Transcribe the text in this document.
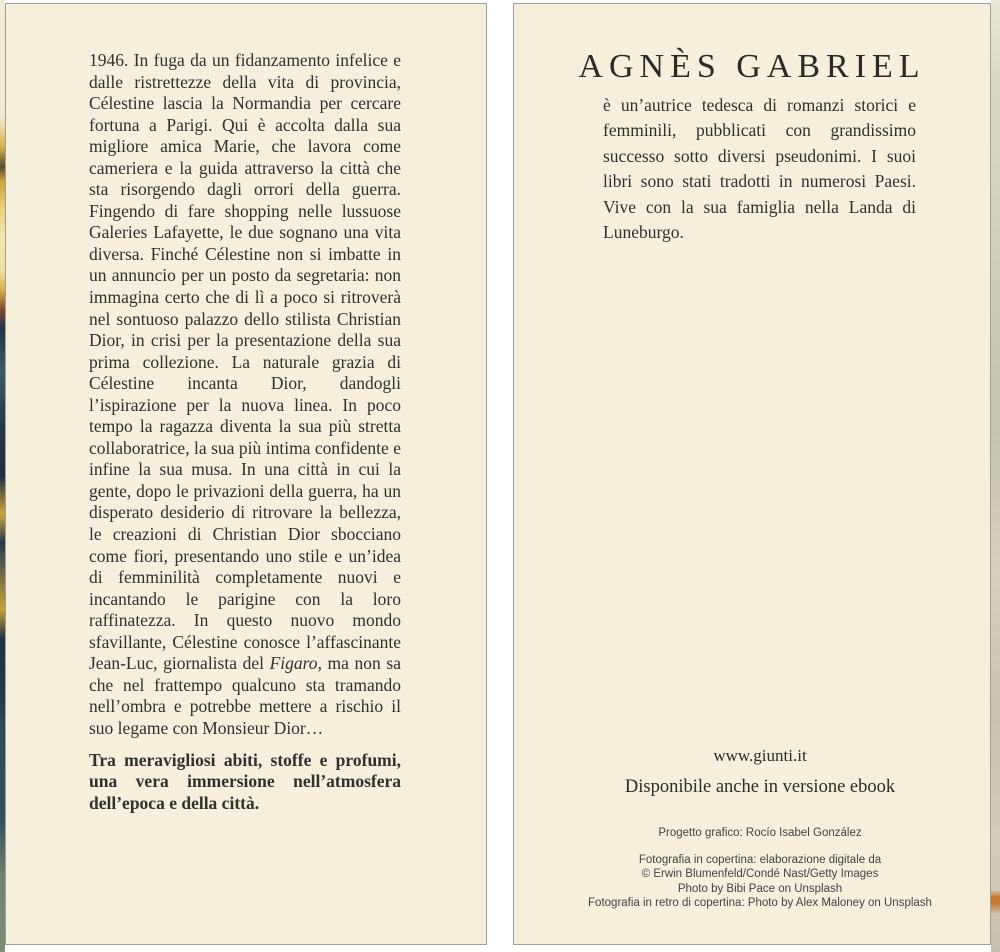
1946. In fuga da un fidanzamento infelice e dalle ristrettezze della vita di provincia, Célestine lascia la Normandia per cercare fortuna a Parigi. Qui è accolta dalla sua migliore amica Marie, che lavora come cameriera e la guida attraverso la città che sta risorgendo dagli orrori della guerra. Fingendo di fare shopping nelle lussuose Galeries Lafayette, le due sognano una vita diversa. Finché Célestine non si imbatte in un annuncio per un posto da segretaria: non immagina certo che di lì a poco si ritroverà nel sontuoso palazzo dello stilista Christian Dior, in crisi per la presentazione della sua prima collezione. La naturale grazia di Célestine incanta Dior, dandogli l’ispirazione per la nuova linea. In poco tempo la ragazza diventa la sua più stretta collaboratrice, la sua più intima confidente e infine la sua musa. In una città in cui la gente, dopo le privazioni della guerra, ha un disperato desiderio di ritrovare la bellezza, le creazioni di Christian Dior sbocciano come fiori, presentando uno stile e un’idea di femminilità completamente nuovi e incantando le parigine con la loro raffinatezza. In questo nuovo mondo sfavillante, Célestine conosce l’affascinante Jean-Luc, giornalista del Figaro, ma non sa che nel frattempo qualcuno sta tramando nell’ombra e potrebbe mettere a rischio il suo legame con Monsieur Dior…

Tra meravigliosi abiti, stoffe e profumi, una vera immersione nell’atmosfera dell’epoca e della città.

AGNÈS GABRIEL
è un’autrice tedesca di romanzi storici e femminili, pubblicati con grandissimo successo sotto diversi pseudonimi. I suoi libri sono stati tradotti in numerosi Paesi. Vive con la sua famiglia nella Landa di Luneburgo.
www.giunti.it
Disponibile anche in versione ebook
Progetto grafico: Rocío Isabel González
Fotografia in copertina: elaborazione digitale da
© Erwin Blumenfeld/Condé Nast/Getty Images
Photo by Bibi Pace on Unsplash
Fotografia in retro di copertina: Photo by Alex Maloney on Unsplash
